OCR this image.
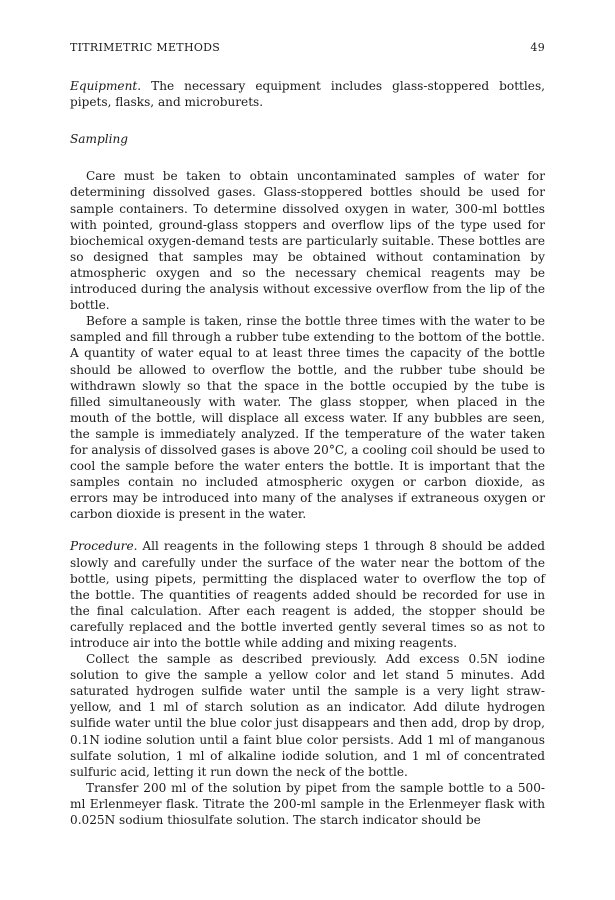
TITRIMETRIC METHODS	49

Equipment. The necessary equipment includes glass-stoppered bottles, pipets, flasks, and microburets.

Sampling

Care must be taken to obtain uncontaminated samples of water for determining dissolved gases. Glass-stoppered bottles should be used for sample containers. To determine dissolved oxygen in water, 300-ml bottles with pointed, ground-glass stoppers and overflow lips of the type used for biochemical oxygen-demand tests are particularly suitable. These bottles are so designed that samples may be obtained without contamination by atmospheric oxygen and so the necessary chemical reagents may be introduced during the analysis without excessive overflow from the lip of the bottle.

Before a sample is taken, rinse the bottle three times with the water to be sampled and fill through a rubber tube extending to the bottom of the bottle. A quantity of water equal to at least three times the capacity of the bottle should be allowed to overflow the bottle, and the rubber tube should be withdrawn slowly so that the space in the bottle occupied by the tube is filled simultaneously with water. The glass stopper, when placed in the mouth of the bottle, will displace all excess water. If any bubbles are seen, the sample is immediately analyzed. If the temperature of the water taken for analysis of dissolved gases is above 20°C, a cooling coil should be used to cool the sample before the water enters the bottle. It is important that the samples contain no included atmospheric oxygen or carbon dioxide, as errors may be introduced into many of the analyses if extraneous oxygen or carbon dioxide is present in the water.

Procedure. All reagents in the following steps 1 through 8 should be added slowly and carefully under the surface of the water near the bottom of the bottle, using pipets, permitting the displaced water to overflow the top of the bottle. The quantities of reagents added should be recorded for use in the final calculation. After each reagent is added, the stopper should be carefully replaced and the bottle inverted gently several times so as not to introduce air into the bottle while adding and mixing reagents.

Collect the sample as described previously. Add excess 0.5N iodine solution to give the sample a yellow color and let stand 5 minutes. Add saturated hydrogen sulfide water until the sample is a very light straw-yellow, and 1 ml of starch solution as an indicator. Add dilute hydrogen sulfide water until the blue color just disappears and then add, drop by drop, 0.1N iodine solution until a faint blue color persists. Add 1 ml of manganous sulfate solution, 1 ml of alkaline iodide solution, and 1 ml of concentrated sulfuric acid, letting it run down the neck of the bottle.

Transfer 200 ml of the solution by pipet from the sample bottle to a 500-ml Erlenmeyer flask. Titrate the 200-ml sample in the Erlenmeyer flask with 0.025N sodium thiosulfate solution. The starch indicator should be
